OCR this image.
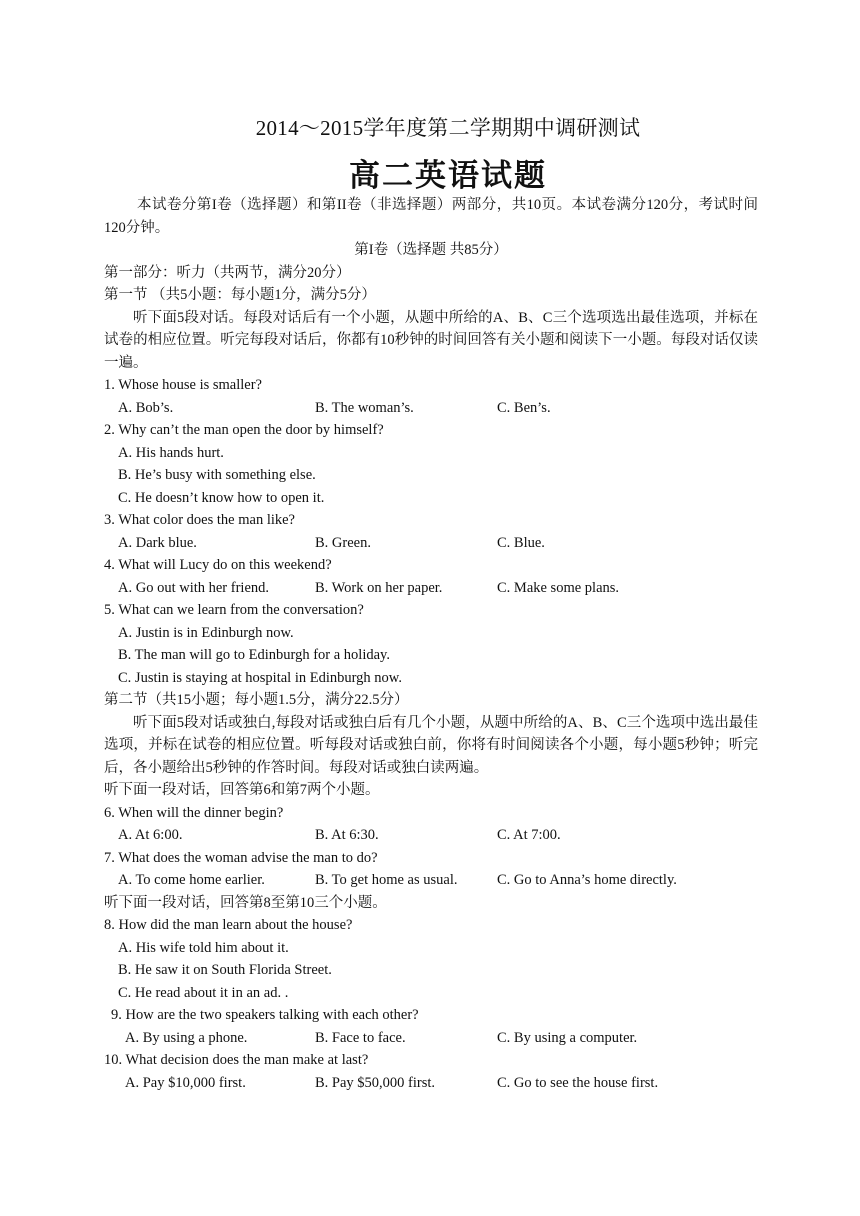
2014～2015学年度第二学期期中调研测试
高二英语试题
本试卷分第I卷（选择题）和第II卷（非选择题）两部分，共10页。本试卷满分120分，考试时间120分钟。
第I卷（选择题 共85分）
第一部分：听力（共两节，满分20分）
第一节 （共5小题：每小题1分，满分5分）
听下面5段对话。每段对话后有一个小题，从题中所给的A、B、C三个选项选出最佳选项，并标在试卷的相应位置。听完每段对话后，你都有10秒钟的时间回答有关小题和阅读下一小题。每段对话仅读一遍。
1. Whose house is smaller?
A. Bob’s.	B. The woman’s.	C. Ben’s.
2. Why can’t the man open the door by himself?
A. His hands hurt.
B. He’s busy with something else.
C. He doesn’t know how to open it.
3. What color does the man like?
A. Dark blue.	B. Green.	C. Blue.
4. What will Lucy do on this weekend?
A. Go out with her friend.	B. Work on her paper.	C. Make some plans.
5. What can we learn from the conversation?
A. Justin is in Edinburgh now.
B. The man will go to Edinburgh for a holiday.
C. Justin is staying at hospital in Edinburgh now.
第二节（共15小题；每小题1.5分，满分22.5分）
听下面5段对话或独白,每段对话或独白后有几个小题，从题中所给的A、B、C三个选项中选出最佳选项，并标在试卷的相应位置。听每段对话或独白前，你将有时间阅读各个小题，每小题5秒钟；听完后，各小题给出5秒钟的作答时间。每段对话或独白读两遍。
听下面一段对话，回答第6和第7两个小题。
6. When will the dinner begin?
A. At 6:00.	B. At 6:30.	C. At 7:00.
7. What does the woman advise the man to do?
A. To come home earlier.	B. To get home as usual.	C. Go to Anna’s home directly.
听下面一段对话，回答第8至第10三个小题。
8. How did the man learn about the house?
A. His wife told him about it.
B. He saw it on South Florida Street.
C. He read about it in an ad. .
9. How are the two speakers talking with each other?
A. By using a phone.	B. Face to face.	C. By using a computer.
10. What decision does the man make at last?
A. Pay $10,000 first.	B. Pay $50,000 first.	C. Go to see the house first.
